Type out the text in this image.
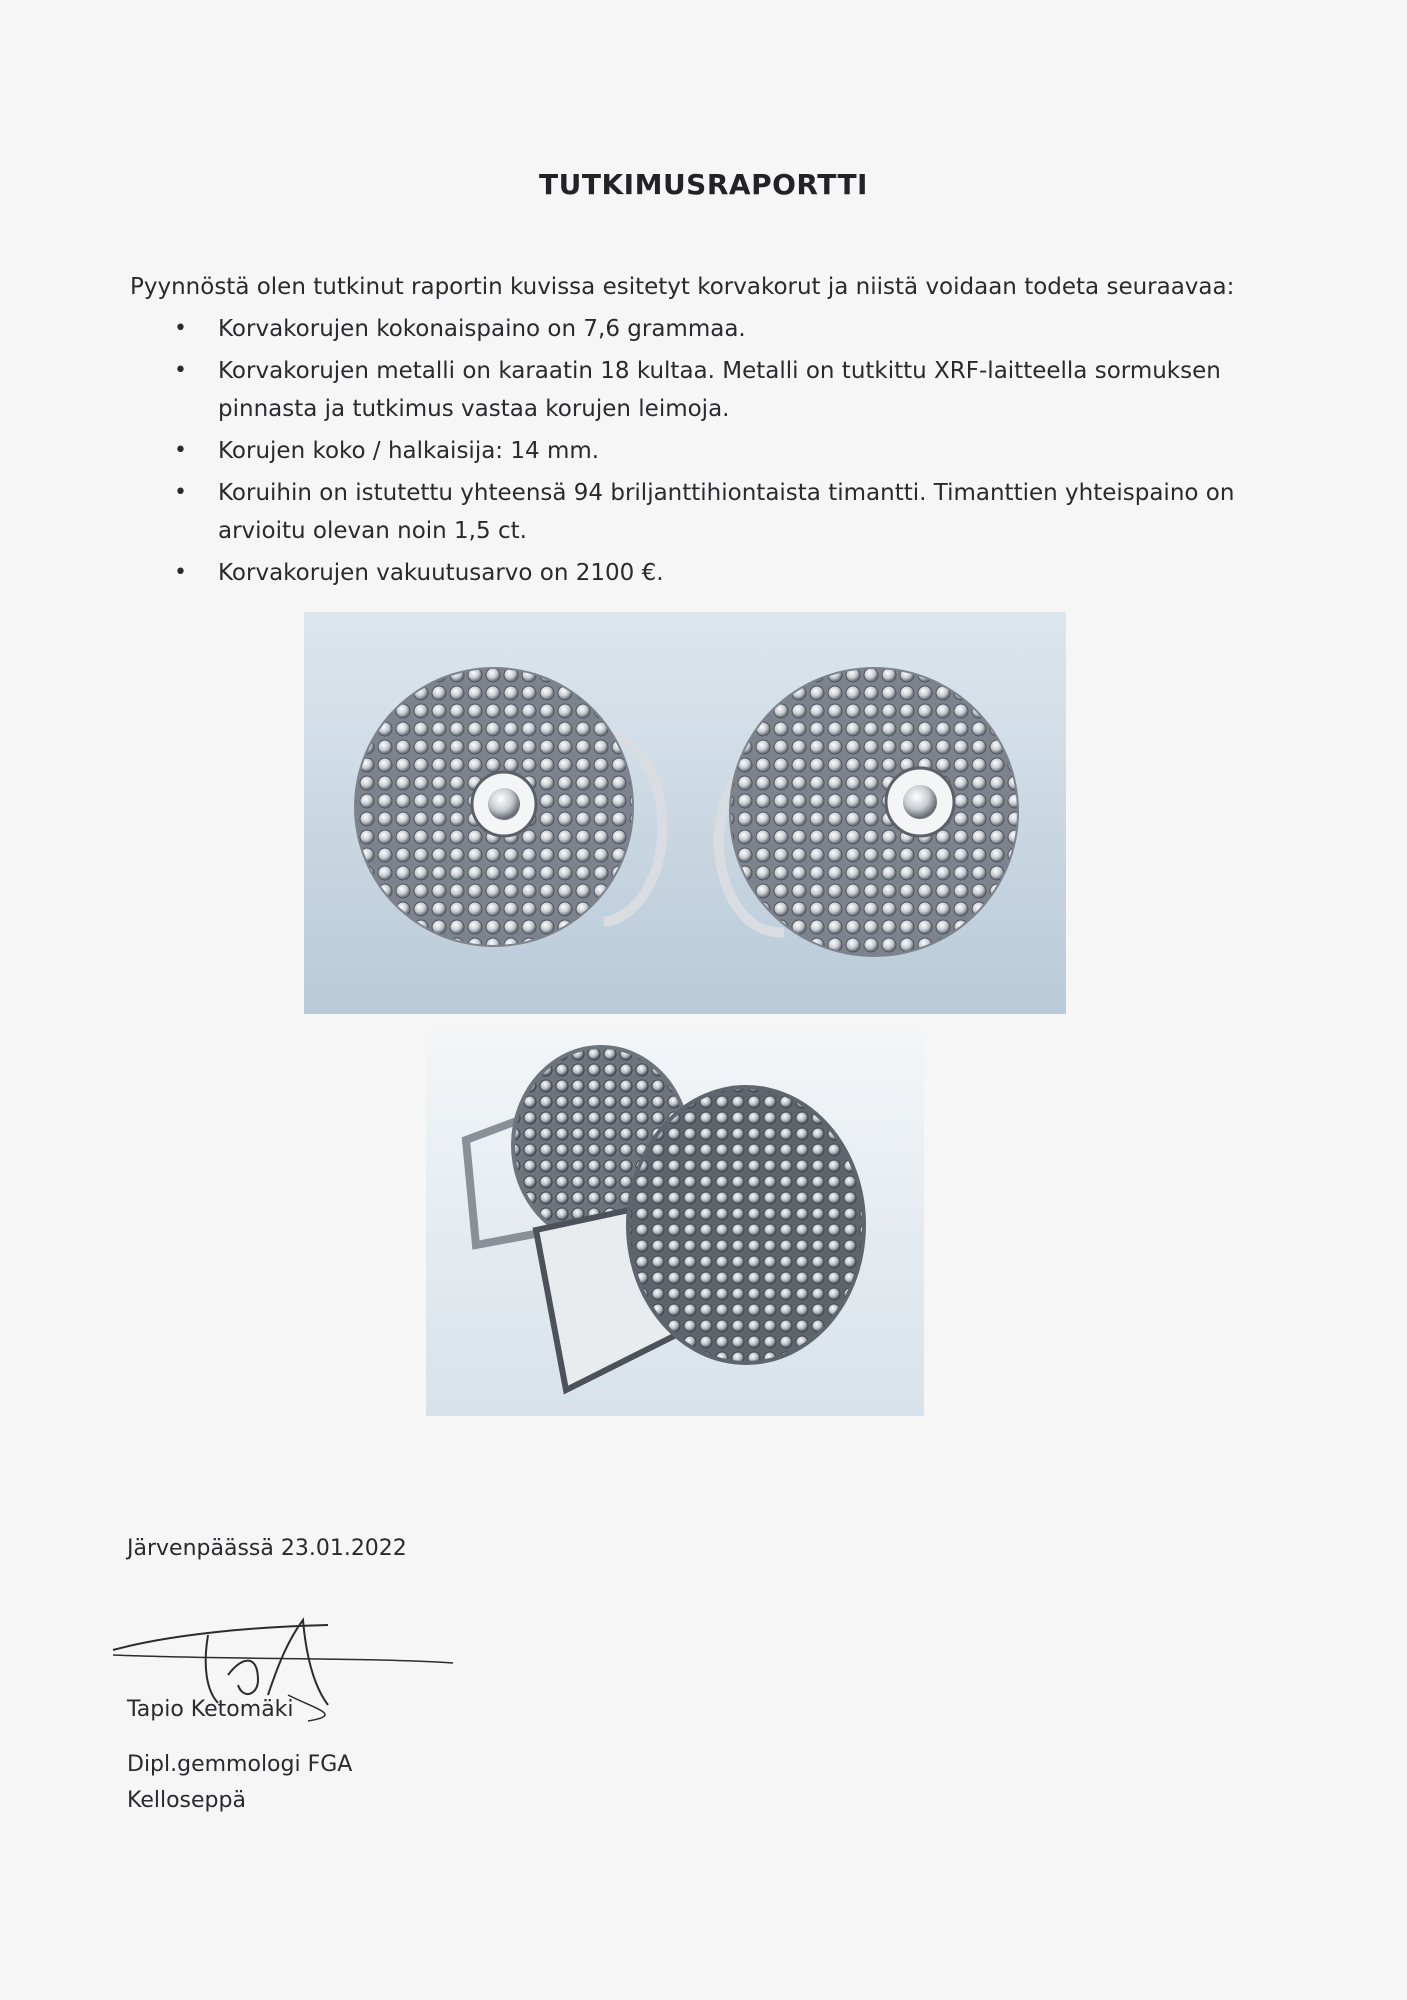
TUTKIMUSRAPORTTI
Pyynnöstä olen tutkinut raportin kuvissa esitetyt korvakorut ja niistä voidaan todeta seuraavaa:
• Korvakorujen kokonaispaino on 7,6 grammaa.
• Korvakorujen metalli on karaatin 18 kultaa. Metalli on tutkittu XRF-laitteella sormuksen
pinnasta ja tutkimus vastaa korujen leimoja.
• Korujen koko / halkaisija: 14 mm.
• Koruihin on istutettu yhteensä 94 briljanttihiontaista timantti. Timanttien yhteispaino on
arvioitu olevan noin 1,5 ct.
• Korvakorujen vakuutusarvo on 2100 €.
Järvenpäässä 23.01.2022
Tapio Ketomäki
Dipl.gemmologi FGA
Kelloseppä
